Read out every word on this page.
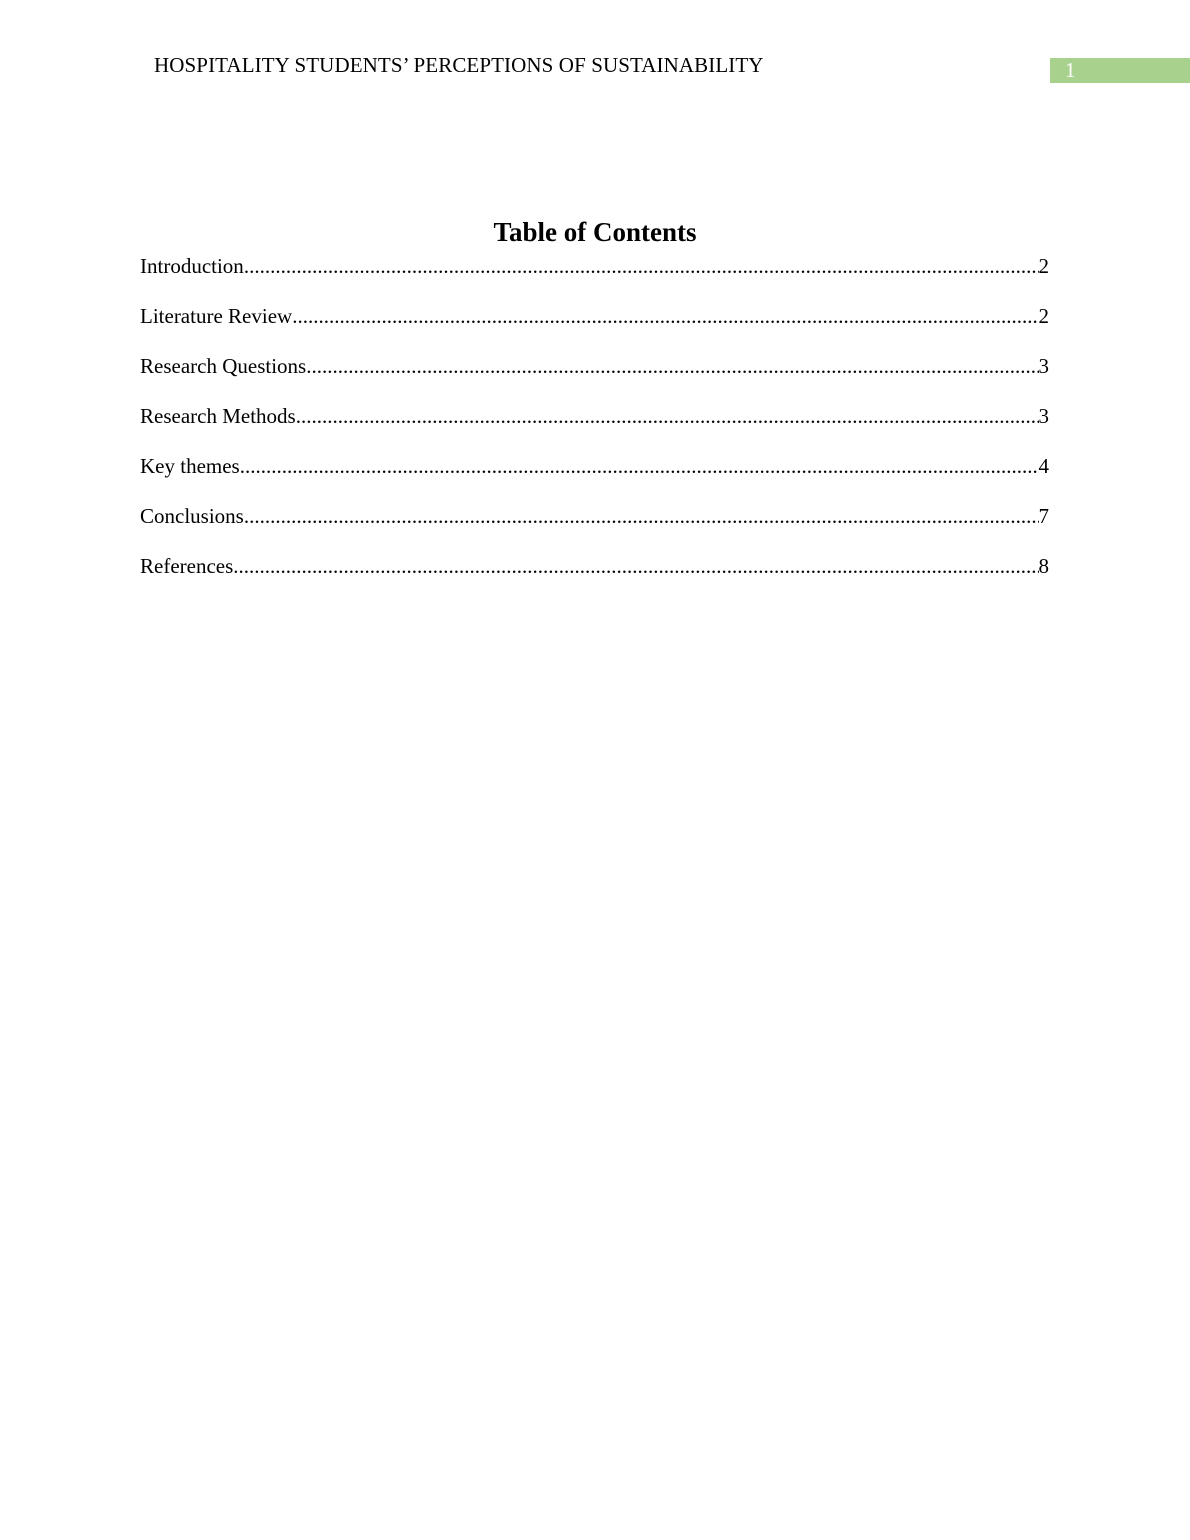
HOSPITALITY STUDENTS’ PERCEPTIONS OF SUSTAINABILITY	1
Table of Contents
Introduction .....	2
Literature Review .....	2
Research Questions .....	3
Research Methods .....	3
Key themes .....	4
Conclusions .....	7
References .....	8
